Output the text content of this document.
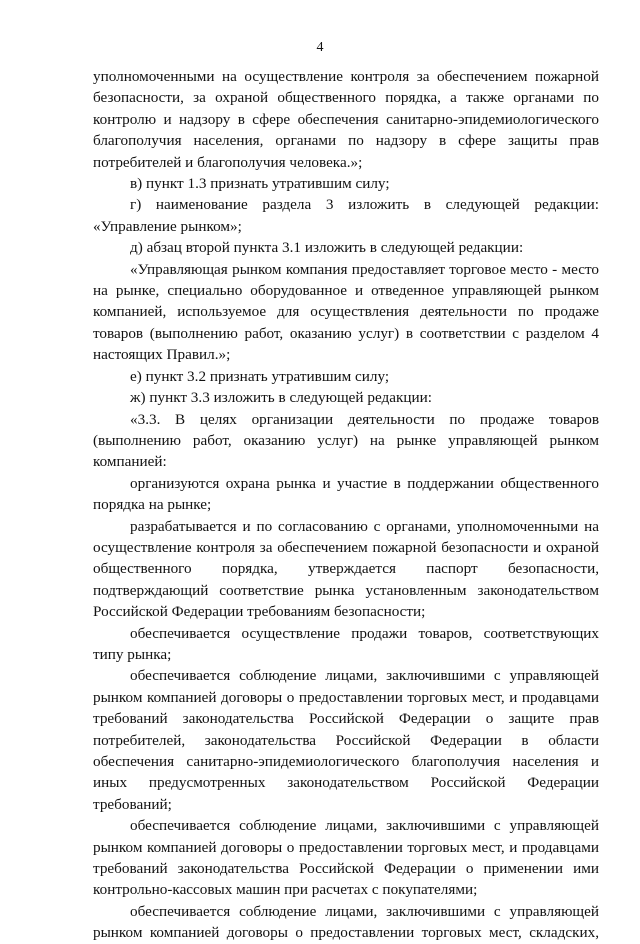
4

уполномоченными на осуществление контроля за обеспечением пожарной безопасности, за охраной общественного порядка, а также органами по контролю и надзору в сфере обеспечения санитарно-эпидемиологического благополучия населения, органами по надзору в сфере защиты прав потребителей и благополучия человека.»;

в) пункт 1.3 признать утратившим силу;

г) наименование раздела 3 изложить в следующей редакции: «Управление рынком»;

д) абзац второй пункта 3.1 изложить в следующей редакции:

«Управляющая рынком компания предоставляет торговое место - место на рынке, специально оборудованное и отведенное управляющей рынком компанией, используемое для осуществления деятельности по продаже товаров (выполнению работ, оказанию услуг) в соответствии с разделом 4 настоящих Правил.»;

е) пункт 3.2 признать утратившим силу;

ж) пункт 3.3 изложить в следующей редакции:

«3.3. В целях организации деятельности по продаже товаров (выполнению работ, оказанию услуг) на рынке управляющей рынком компанией:

организуются охрана рынка и участие в поддержании общественного порядка на рынке;

разрабатывается и по согласованию с органами, уполномоченными на осуществление контроля за обеспечением пожарной безопасности и охраной общественного порядка, утверждается паспорт безопасности, подтверждающий соответствие рынка установленным законодательством Российской Федерации требованиям безопасности;

обеспечивается осуществление продажи товаров, соответствующих типу рынка;

обеспечивается соблюдение лицами, заключившими с управляющей рынком компанией договоры о предоставлении торговых мест, и продавцами требований законодательства Российской Федерации о защите прав потребителей, законодательства Российской Федерации в области обеспечения санитарно-эпидемиологического благополучия населения и иных предусмотренных законодательством Российской Федерации требований;

обеспечивается соблюдение лицами, заключившими с управляющей рынком компанией договоры о предоставлении торговых мест, и продавцами требований законодательства Российской Федерации о применении ими контрольно-кассовых машин при расчетах с покупателями;

обеспечивается соблюдение лицами, заключившими с управляющей рынком компанией договоры о предоставлении торговых мест, складских,
